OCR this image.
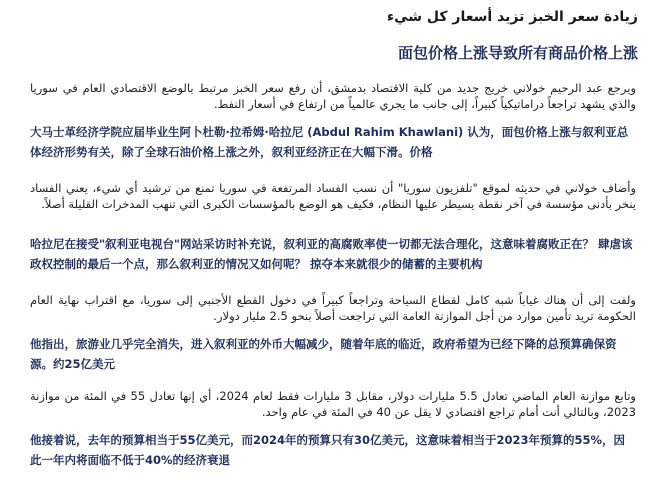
زيادة سعر الخبز تزيد أسعار كل شيء
面包价格上涨导致所有商品价格上涨
ويرجع عبد الرحيم خولاني خريج جديد من كلية الاقتصاد بدمشق، أن رفع سعر الخبز مرتبط بالوضع الاقتصادي العام في سوريا والذي يشهد تراجعاً دراماتيكياً كبيراً، إلى جانب ما يجري عالمياً من ارتفاع في أسعار النفط.
大马士革经济学院应届毕业生阿卜杜勒·拉希姆·哈拉尼 (Abdul Rahim Khawlani) 认为，面包价格上涨与叙利亚总体经济形势有关，除了全球石油价格上涨之外，叙利亚经济正在大幅下滑。价格
وأضاف خولاني في حديثه لموقع "تلفزيون سوريا" أن نسب الفساد المرتفعة في سوريا تمنع من ترشيد أي شيء، يعني الفساد ينخر بأدنى مؤسسة في آخر نقطة يسيطر عليها النظام، فكيف هو الوضع بالمؤسسات الكبرى التي تنهب المدخرات القليلة أصلاً.
哈拉尼在接受"叙利亚电视台"网站采访时补充说，叙利亚的高腐败率使一切都无法合理化，这意味着腐败正在？ 肆虐该政权控制的最后一个点，那么叙利亚的情况又如何呢？ 掠夺本来就很少的储蓄的主要机构
ولفت إلى أن هناك غياباً شبه كامل لقطاع السياحة وتراجعاً كبيراً في دخول القطع الأجنبي إلى سوريا، مع اقتراب نهاية العام الحكومة تريد تأمين موارد من أجل الموازنة العامة التي تراجعت أصلاً بنحو 2.5 مليار دولار.
他指出，旅游业几乎完全消失，进入叙利亚的外币大幅减少，随着年底的临近，政府希望为已经下降的总预算确保资源。约25亿美元
وتابع موازنة العام الماضي تعادل 5.5 مليارات دولار، مقابل 3 مليارات فقط لعام 2024، أي إنها تعادل 55 في المئة من موازنة 2023، وبالتالي أنت أمام تراجع اقتصادي لا يقل عن 40 في المئة في عام واحد.
他接着说，去年的预算相当于55亿美元，而2024年的预算只有30亿美元，这意味着相当于2023年预算的55%，因此一年内将面临不低于40%的经济衰退
